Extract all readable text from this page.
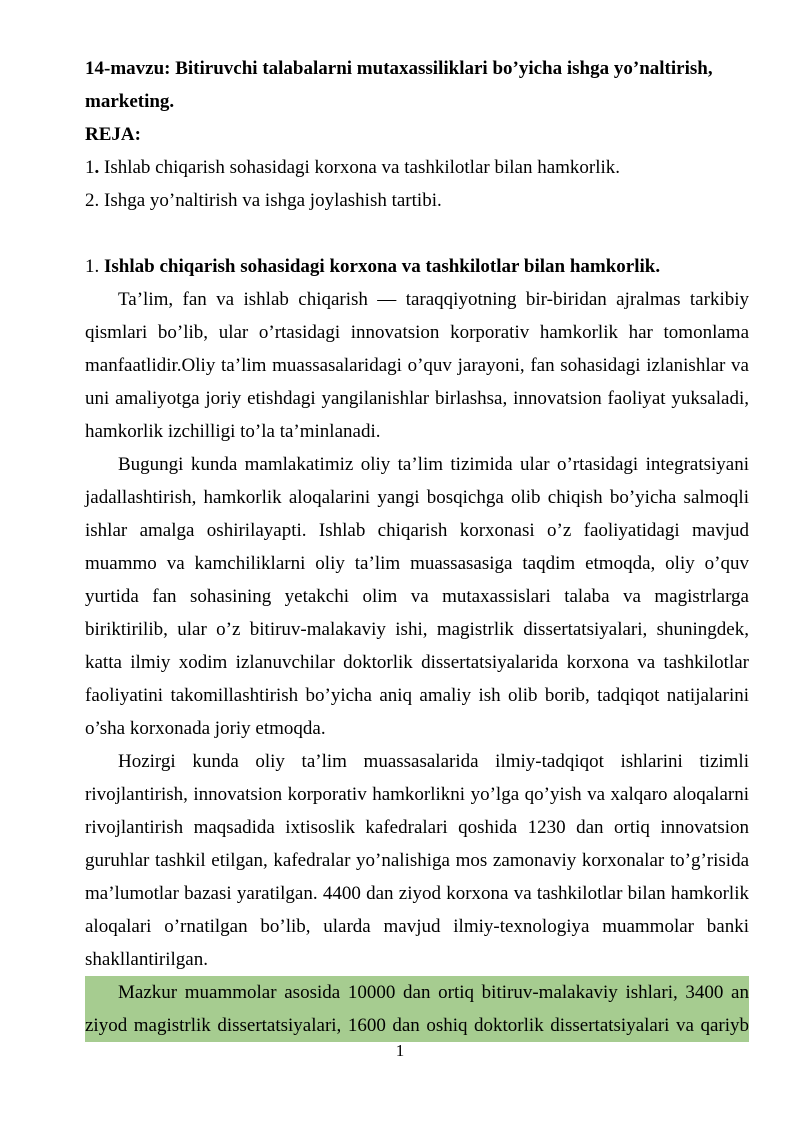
14-mavzu: Bitiruvchi talabalarni mutaxassiliklari bo’yicha ishga yo’naltirish,
marketing.
REJA:

1. Ishlab chiqarish sohasidagi korxona va tashkilotlar bilan hamkorlik.

2. Ishga yo’naltirish va ishga joylashish tartibi.

1. Ishlab chiqarish sohasidagi korxona va tashkilotlar bilan hamkorlik.

Ta’lim, fan va ishlab chiqarish — taraqqiyotning bir-biridan ajralmas tarkibiy qismlari bo’lib, ular o’rtasidagi innovatsion korporativ hamkorlik har tomonlama manfaatlidir.Oliy ta’lim muassasalaridagi o’quv jarayoni, fan sohasidagi izlanishlar va uni amaliyotga joriy etishdagi yangilanishlar birlashsa, innovatsion faoliyat yuksaladi, hamkorlik izchilligi to’la ta’minlanadi.

Bugungi kunda mamlakatimiz oliy ta’lim tizimida ular o’rtasidagi integratsiyani jadallashtirish, hamkorlik aloqalarini yangi bosqichga olib chiqish bo’yicha salmoqli ishlar amalga oshirilayapti. Ishlab chiqarish korxonasi o’z faoliyatidagi mavjud muammo va kamchiliklarni oliy ta’lim muassasasiga taqdim etmoqda, oliy o’quv yurtida fan sohasining yetakchi olim va mutaxassislari talaba va magistrlarga biriktirilib, ular o’z bitiruv-malakaviy ishi, magistrlik dissertatsiyalari, shuningdek, katta ilmiy xodim izlanuvchilar doktorlik dissertatsiyalarida korxona va tashkilotlar faoliyatini takomillashtirish bo’yicha aniq amaliy ish olib borib, tadqiqot natijalarini o’sha korxonada joriy etmoqda.

Hozirgi kunda oliy ta’lim muassasalarida ilmiy-tadqiqot ishlarini tizimli rivojlantirish, innovatsion korporativ hamkorlikni yo’lga qo’yish va xalqaro aloqalarni rivojlantirish maqsadida ixtisoslik kafedralari qoshida 1230 dan ortiq innovatsion guruhlar tashkil etilgan, kafedralar yo’nalishiga mos zamonaviy korxonalar to’g’risida ma’lumotlar bazasi yaratilgan. 4400 dan ziyod korxona va tashkilotlar bilan hamkorlik aloqalari o’rnatilgan bo’lib, ularda mavjud ilmiy-texnologiya muammolar banki shakllantirilgan.

Mazkur muammolar asosida 10000 dan ortiq bitiruv-malakaviy ishlari, 3400 an ziyod magistrlik dissertatsiyalari, 1600 dan oshiq doktorlik dissertatsiyalari va qariyb

1
